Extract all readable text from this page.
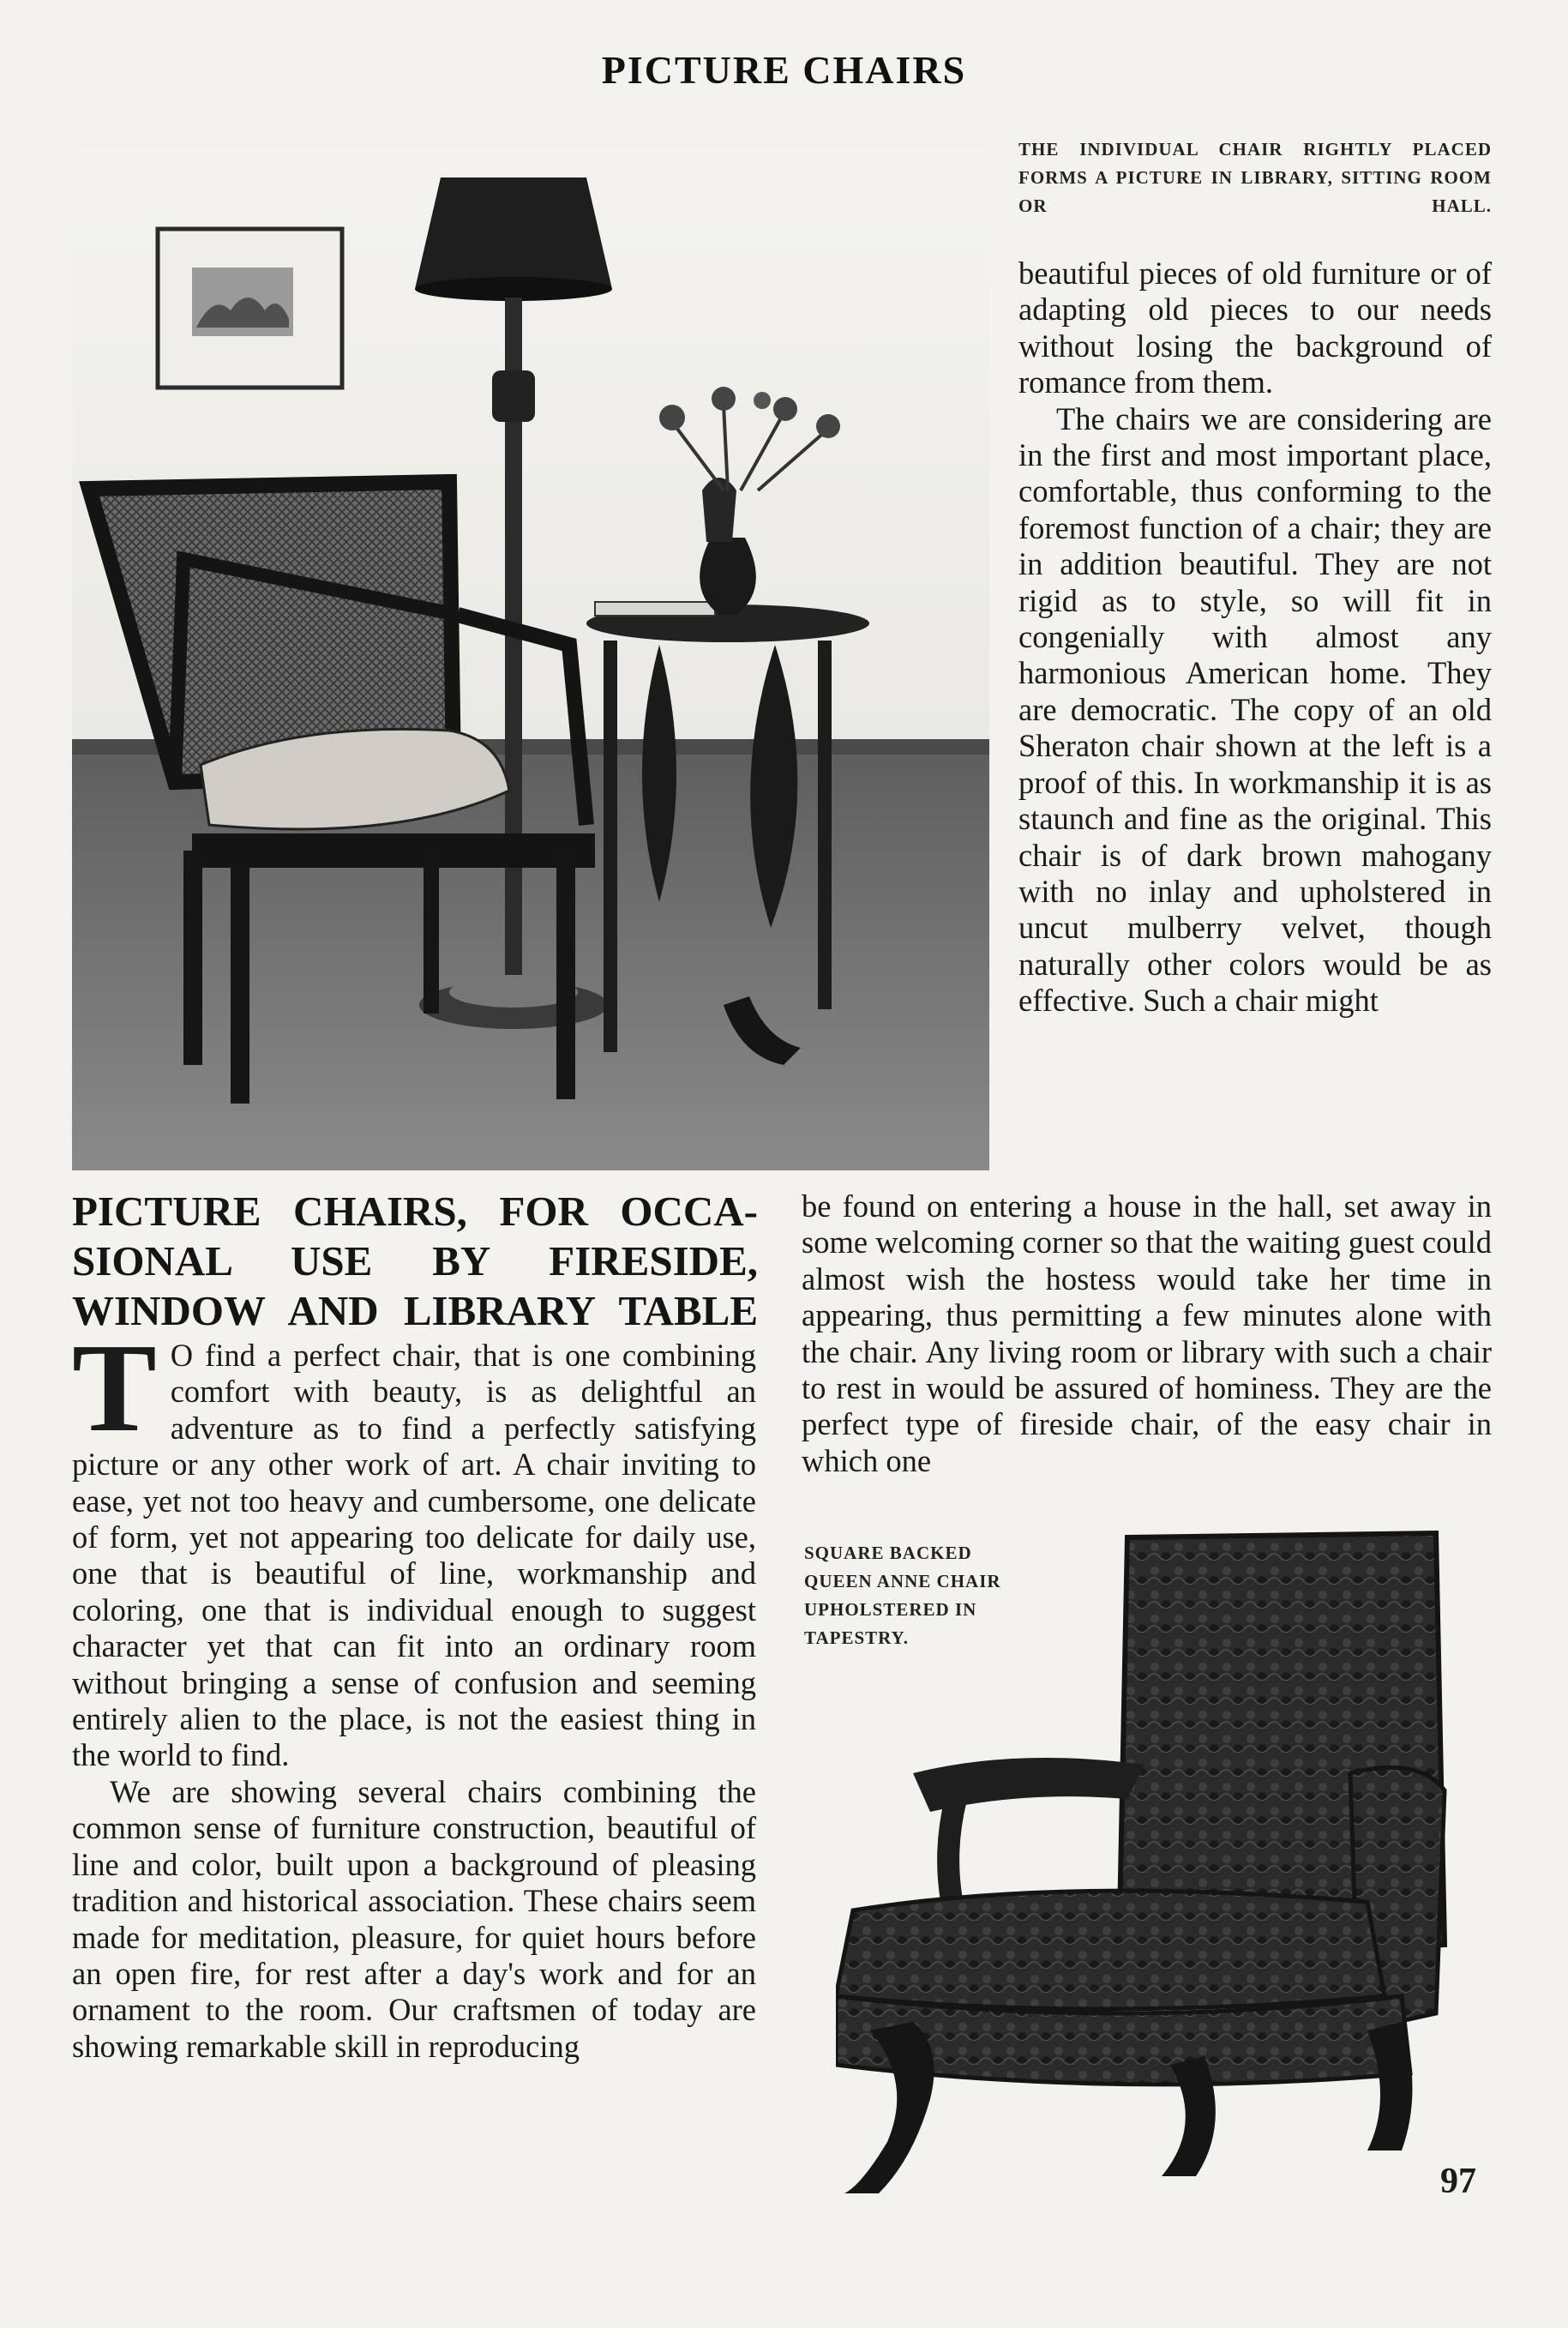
PICTURE CHAIRS
THE INDIVIDUAL CHAIR RIGHTLY PLACED FORMS A PICTURE IN LIBRARY, SITTING ROOM OR HALL.

beautiful pieces of old furniture or of adapting old pieces to our needs without losing the background of romance from them.

The chairs we are considering are in the first and most important place, comfortable, thus conforming to the foremost function of a chair; they are in addition beautiful. They are not rigid as to style, so will fit in congenially with almost any harmonious American home. They are democratic. The copy of an old Sheraton chair shown at the left is a proof of this. In workmanship it is as staunch and fine as the original. This chair is of dark brown mahogany with no inlay and upholstered in uncut mulberry velvet, though naturally other colors would be as effective. Such a chair might

PICTURE CHAIRS, FOR OCCA-
SIONAL USE BY FIRESIDE,
WINDOW AND LIBRARY TABLE

be found on entering a house in the hall, set away in some welcoming corner so that the waiting guest could almost wish the hostess would take her time in appearing, thus permitting a few minutes alone with the chair. Any living room or library with such a chair to rest in would be assured of hominess. They are the perfect type of fireside chair, of the easy chair in which one

T O find a perfect chair, that is one combining comfort with beauty, is as delightful an adventure as to find a perfectly satisfying picture or any other work of art. A chair inviting to ease, yet not too heavy and cumbersome, one delicate of form, yet not appearing too delicate for daily use, one that is beautiful of line, workmanship and coloring, one that is individual enough to suggest character yet that can fit into an ordinary room without bringing a sense of confusion and seeming entirely alien to the place, is not the easiest thing in the world to find.

We are showing several chairs combining the common sense of furniture construction, beautiful of line and color, built upon a background of pleasing tradition and historical association. These chairs seem made for meditation, pleasure, for quiet hours before an open fire, for rest after a day's work and for an ornament to the room. Our craftsmen of today are showing remarkable skill in reproducing

SQUARE BACKED
QUEEN ANNE CHAIR
UPHOLSTERED IN
TAPESTRY.
97
